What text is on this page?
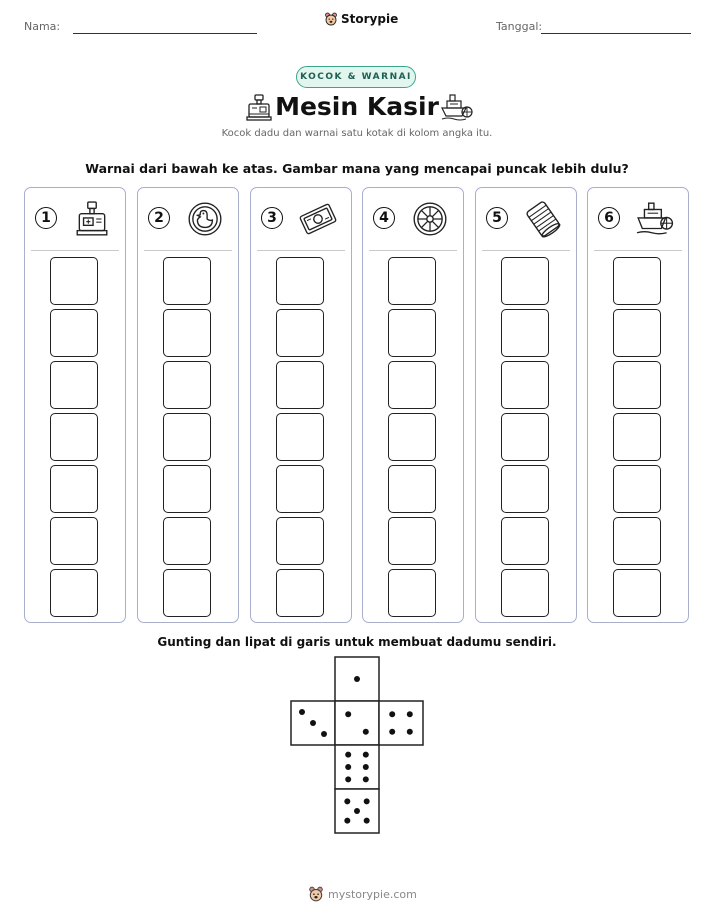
Nama:
Storypie
Tanggal:
KOCOK & WARNAI
Mesin Kasir
Kocok dadu dan warnai satu kotak di kolom angka itu.
Warnai dari bawah ke atas. Gambar mana yang mencapai puncak lebih dulu?
1	2	3	4	5	6
Gunting dan lipat di garis untuk membuat dadumu sendiri.
mystorypie.com
